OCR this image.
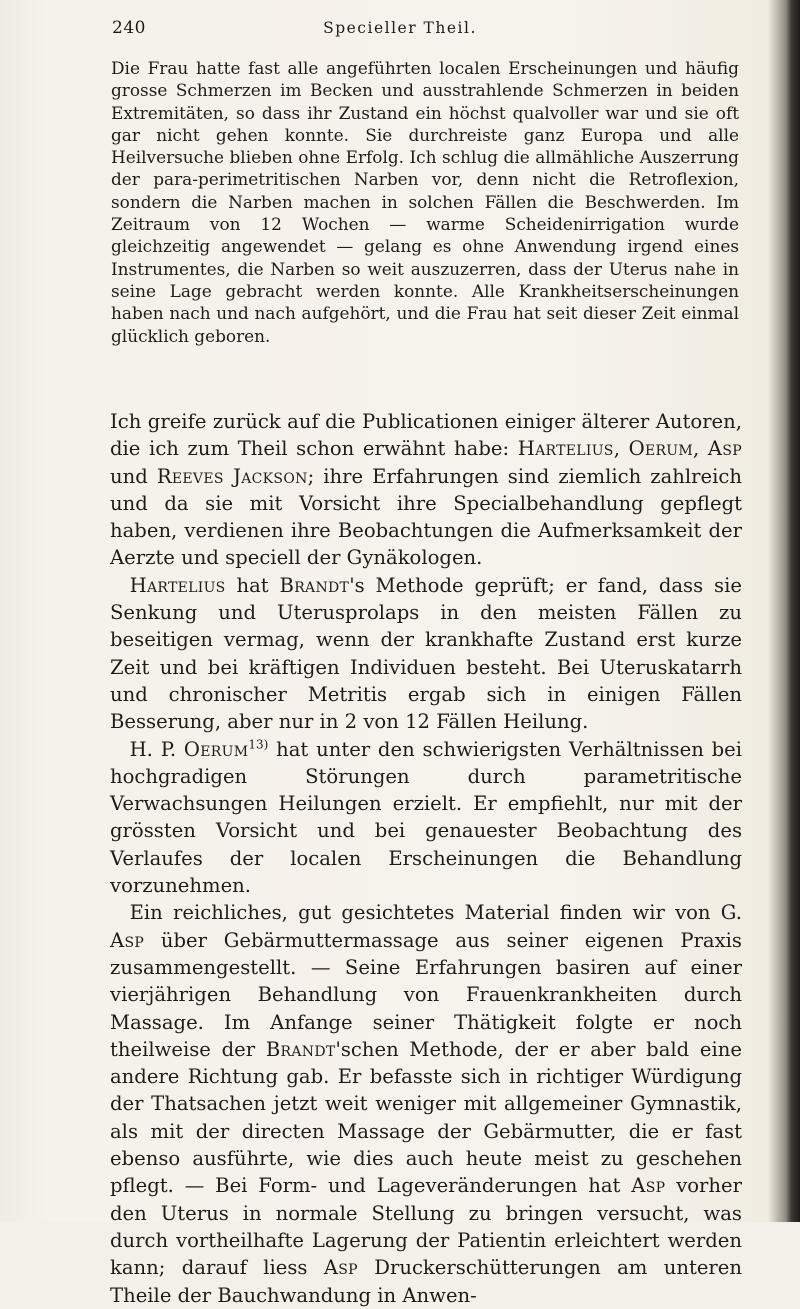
240	Specieller Theil.

Die Frau hatte fast alle angeführten localen Erscheinungen und häufig grosse Schmerzen im Becken und ausstrahlende Schmerzen in beiden Extremitäten, so dass ihr Zustand ein höchst qualvoller war und sie oft gar nicht gehen konnte. Sie durchreiste ganz Europa und alle Heilversuche blieben ohne Erfolg. Ich schlug die allmähliche Auszerrung der para-perimetritischen Narben vor, denn nicht die Retroflexion, sondern die Narben machen in solchen Fällen die Beschwerden. Im Zeitraum von 12 Wochen — warme Scheidenirrigation wurde gleichzeitig angewendet — gelang es ohne Anwendung irgend eines Instrumentes, die Narben so weit auszuzerren, dass der Uterus nahe in seine Lage gebracht werden konnte. Alle Krankheitserscheinungen haben nach und nach aufgehört, und die Frau hat seit dieser Zeit einmal glücklich geboren.

Ich greife zurück auf die Publicationen einiger älterer Autoren, die ich zum Theil schon erwähnt habe: Hartelius, Oerum, Asp und Reeves Jackson; ihre Erfahrungen sind ziemlich zahlreich und da sie mit Vorsicht ihre Specialbehandlung gepflegt haben, verdienen ihre Beobachtungen die Aufmerksamkeit der Aerzte und speciell der Gynäkologen.

 Hartelius hat Brandt's Methode geprüft; er fand, dass sie Senkung und Uterusprolaps in den meisten Fällen zu beseitigen vermag, wenn der krankhafte Zustand erst kurze Zeit und bei kräftigen Individuen besteht. Bei Uteruskatarrh und chronischer Metritis ergab sich in einigen Fällen Besserung, aber nur in 2 von 12 Fällen Heilung.

 H. P. Oerum$^{13)}$ hat unter den schwierigsten Verhältnissen bei hochgradigen Störungen durch parametritische Verwachsungen Heilungen erzielt. Er empfiehlt, nur mit der grössten Vorsicht und bei genauester Beobachtung des Verlaufes der localen Erscheinungen die Behandlung vorzunehmen.

 Ein reichliches, gut gesichtetes Material finden wir von G. Asp über Gebärmuttermassage aus seiner eigenen Praxis zusammengestellt. — Seine Erfahrungen basiren auf einer vierjährigen Behandlung von Frauenkrankheiten durch Massage. Im Anfange seiner Thätigkeit folgte er noch theilweise der Brandt'schen Methode, der er aber bald eine andere Richtung gab. Er befasste sich in richtiger Würdigung der Thatsachen jetzt weit weniger mit allgemeiner Gymnastik, als mit der directen Massage der Gebärmutter, die er fast ebenso ausführte, wie dies auch heute meist zu geschehen pflegt. — Bei Form- und Lageveränderungen hat Asp vorher den Uterus in normale Stellung zu bringen versucht, was durch vortheilhafte Lagerung der Patientin erleichtert werden kann; darauf liess Asp Druckerschütterungen am unteren Theile der Bauchwandung in Anwen-
